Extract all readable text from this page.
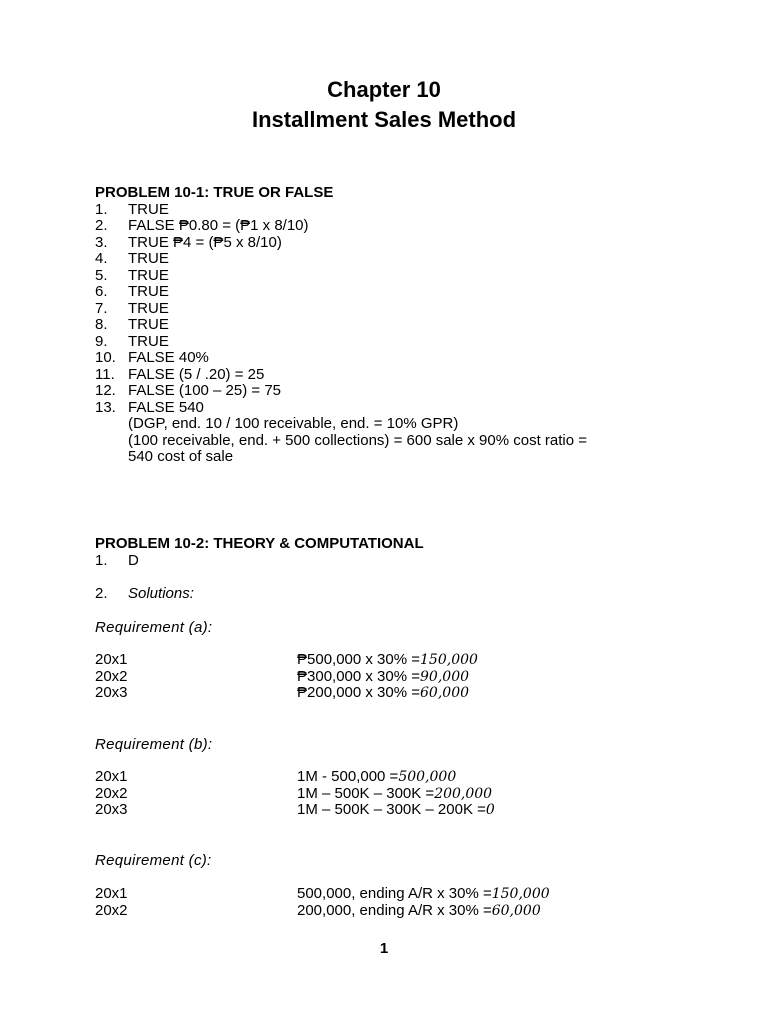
Chapter 10
Installment Sales Method
PROBLEM 10-1: TRUE OR FALSE
1.	TRUE
2.	FALSE ₱0.80 = (₱1 x 8/10)
3.	TRUE ₱4 = (₱5 x 8/10)
4.	TRUE
5.	TRUE
6.	TRUE
7.	TRUE
8.	TRUE
9.	TRUE
10. FALSE 40%
11. FALSE (5 / .20) = 25
12. FALSE (100 – 25) = 75
13. FALSE 540
(DGP, end. 10 / 100 receivable, end. = 10% GPR)
(100 receivable, end. + 500 collections) = 600 sale x 90% cost ratio =
540 cost of sale
PROBLEM 10-2: THEORY & COMPUTATIONAL
1.	D
2.	Solutions:
Requirement (a):
20x1	₱500,000 x 30% = 150,000
20x2	₱300,000 x 30% = 90,000
20x3	₱200,000 x 30% = 60,000
Requirement (b):
20x1	1M - 500,000 = 500,000
20x2	1M – 500K – 300K = 200,000
20x3	1M – 500K – 300K – 200K = 0
Requirement (c):
20x1	500,000, ending A/R x 30% = 150,000
20x2	200,000, ending A/R x 30% = 60,000
1
